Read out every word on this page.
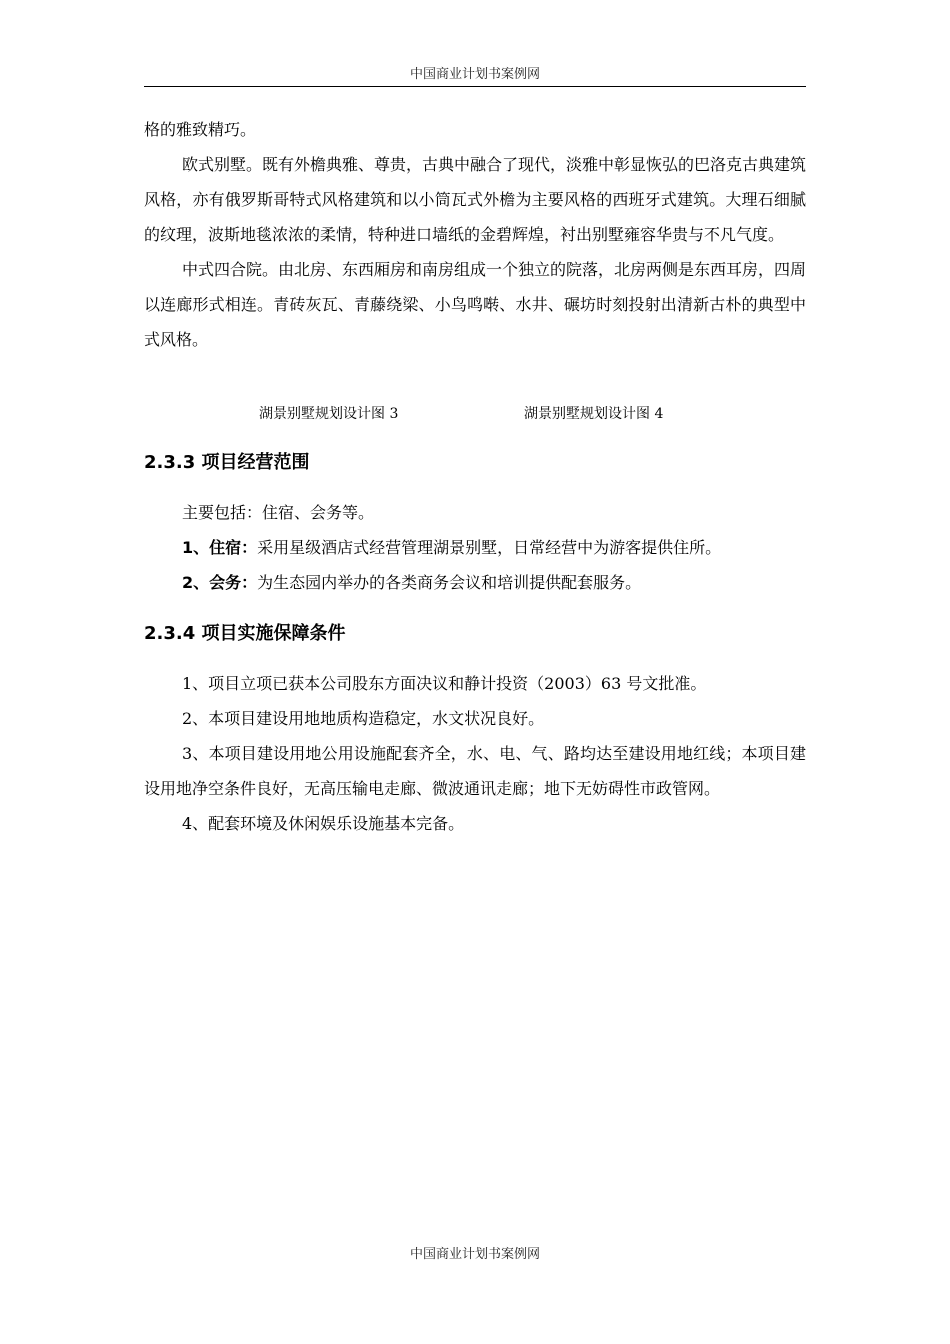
中国商业计划书案例网

格的雅致精巧。

欧式别墅。既有外檐典雅、尊贵，古典中融合了现代，淡雅中彰显恢弘的巴洛克古典建筑风格，亦有俄罗斯哥特式风格建筑和以小筒瓦式外檐为主要风格的西班牙式建筑。大理石细腻的纹理，波斯地毯浓浓的柔情，特种进口墙纸的金碧辉煌，衬出别墅雍容华贵与不凡气度。

中式四合院。由北房、东西厢房和南房组成一个独立的院落，北房两侧是东西耳房，四周以连廊形式相连。青砖灰瓦、青藤绕梁、小鸟鸣啭、水井、碾坊时刻投射出清新古朴的典型中式风格。

湖景别墅规划设计图 3	湖景别墅规划设计图 4
2.3.3 项目经营范围

主要包括：住宿、会务等。

1、住宿：采用星级酒店式经营管理湖景别墅，日常经营中为游客提供住所。

2、会务：为生态园内举办的各类商务会议和培训提供配套服务。

2.3.4 项目实施保障条件

1、项目立项已获本公司股东方面决议和静计投资（2003）63 号文批准。

2、本项目建设用地地质构造稳定，水文状况良好。

3、本项目建设用地公用设施配套齐全，水、电、气、路均达至建设用地红线；本项目建设用地净空条件良好，无高压输电走廊、微波通讯走廊；地下无妨碍性市政管网。

4、配套环境及休闲娱乐设施基本完备。

中国商业计划书案例网
